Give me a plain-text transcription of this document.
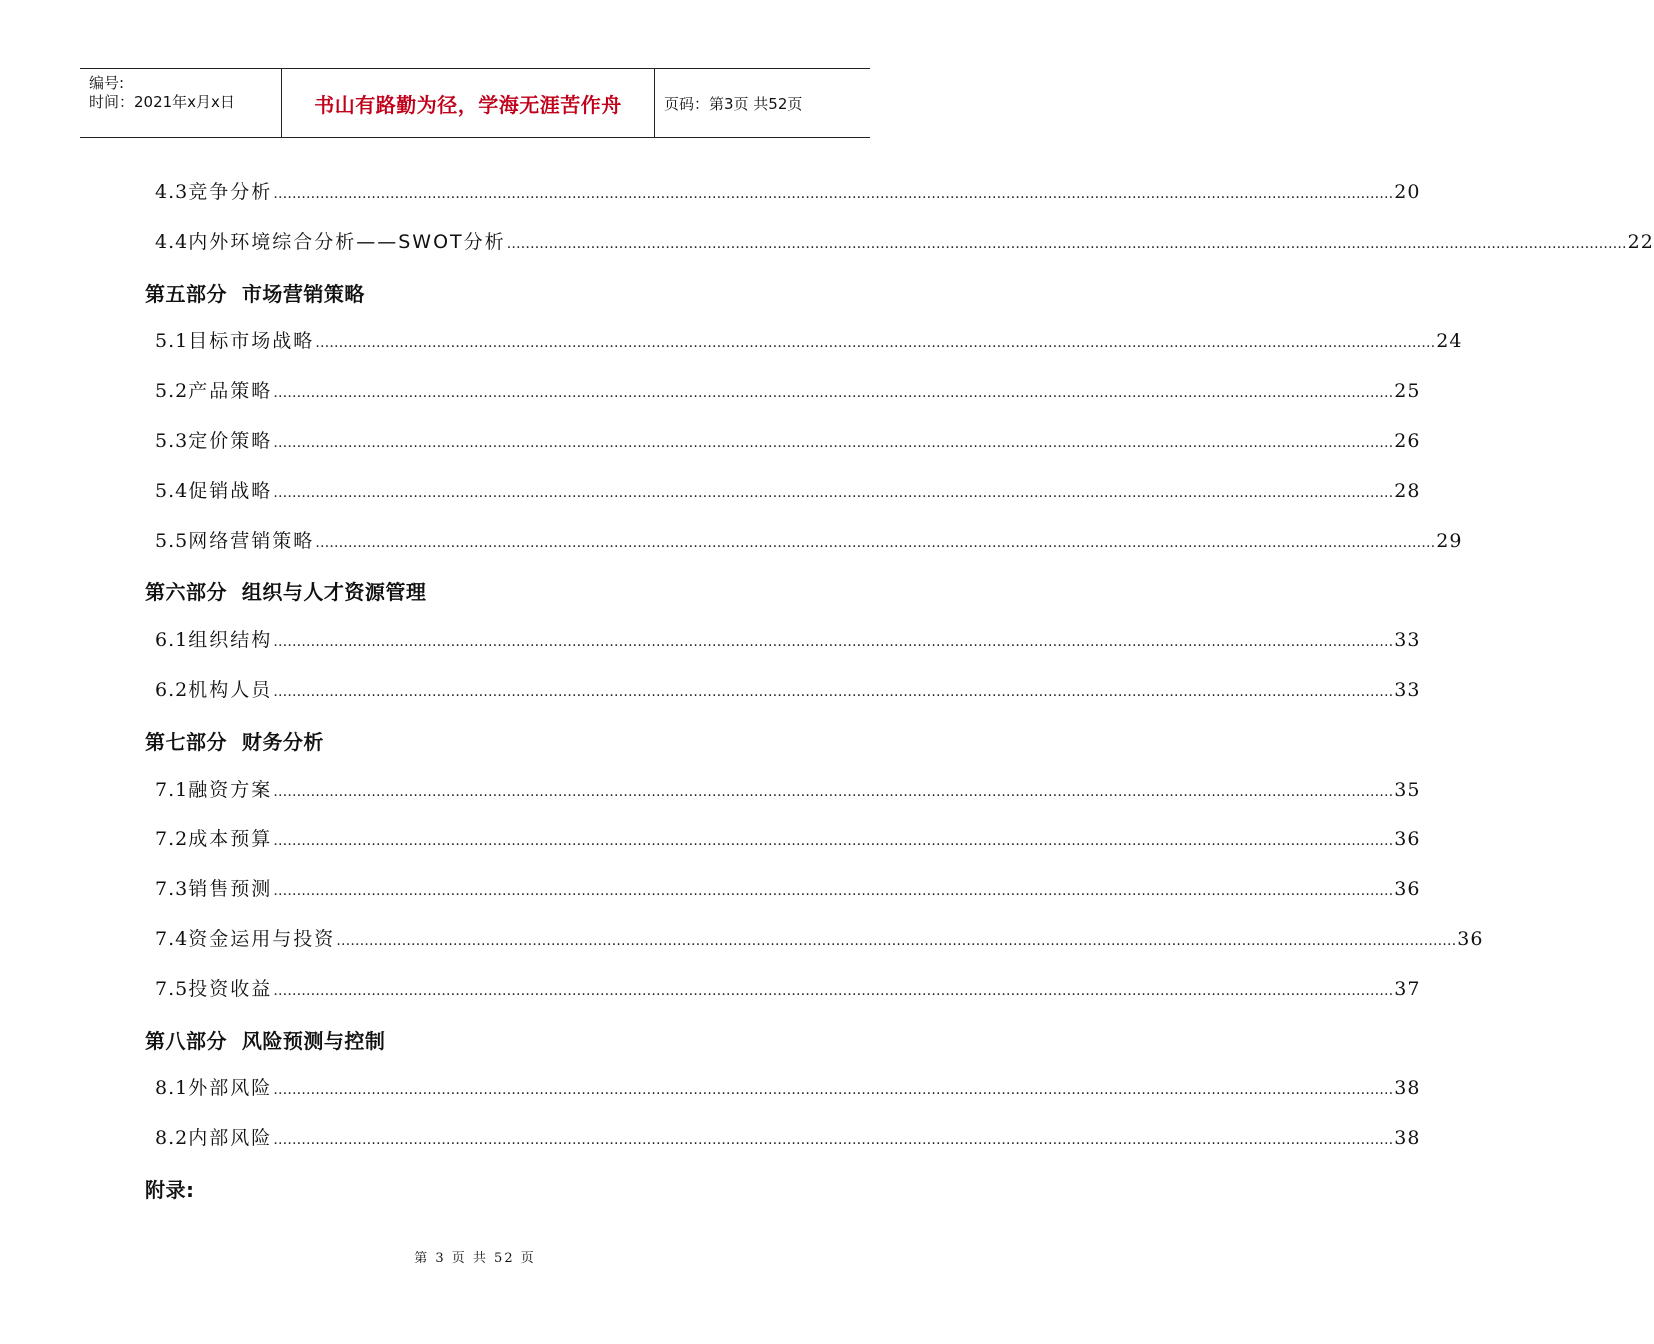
编号:
时间：2021年x月x日	书山有路勤为径，学海无涯苦作舟	页码：第3页 共52页
4.3 竞争分析 …………………………………………………………………………………………………………………………………………………………………………………………………………………… 20
4.4 内外环境综合分析——SWOT分析 …………………………………………………………………………………………………………………………………………………………………………………………………………………… 22
第五部分  市场营销策略
5.1 目标市场战略 …………………………………………………………………………………………………………………………………………………………………………………………………………………… 24
5.2 产品策略 …………………………………………………………………………………………………………………………………………………………………………………………………………………… 25
5.3 定价策略 …………………………………………………………………………………………………………………………………………………………………………………………………………………… 26
5.4 促销战略 …………………………………………………………………………………………………………………………………………………………………………………………………………………… 28
5.5 网络营销策略 …………………………………………………………………………………………………………………………………………………………………………………………………………………… 29
第六部分  组织与人才资源管理
6.1 组织结构 …………………………………………………………………………………………………………………………………………………………………………………………………………………… 33
6.2 机构人员 …………………………………………………………………………………………………………………………………………………………………………………………………………………… 33
第七部分  财务分析
7.1 融资方案 …………………………………………………………………………………………………………………………………………………………………………………………………………………… 35
7.2 成本预算 …………………………………………………………………………………………………………………………………………………………………………………………………………………… 36
7.3 销售预测 …………………………………………………………………………………………………………………………………………………………………………………………………………………… 36
7.4 资金运用与投资 …………………………………………………………………………………………………………………………………………………………………………………………………………………… 36
7.5 投资收益 …………………………………………………………………………………………………………………………………………………………………………………………………………………… 37
第八部分  风险预测与控制
8.1 外部风险 …………………………………………………………………………………………………………………………………………………………………………………………………………………… 38
8.2 内部风险 …………………………………………………………………………………………………………………………………………………………………………………………………………………… 38
附录:
第 3 页 共 52 页
